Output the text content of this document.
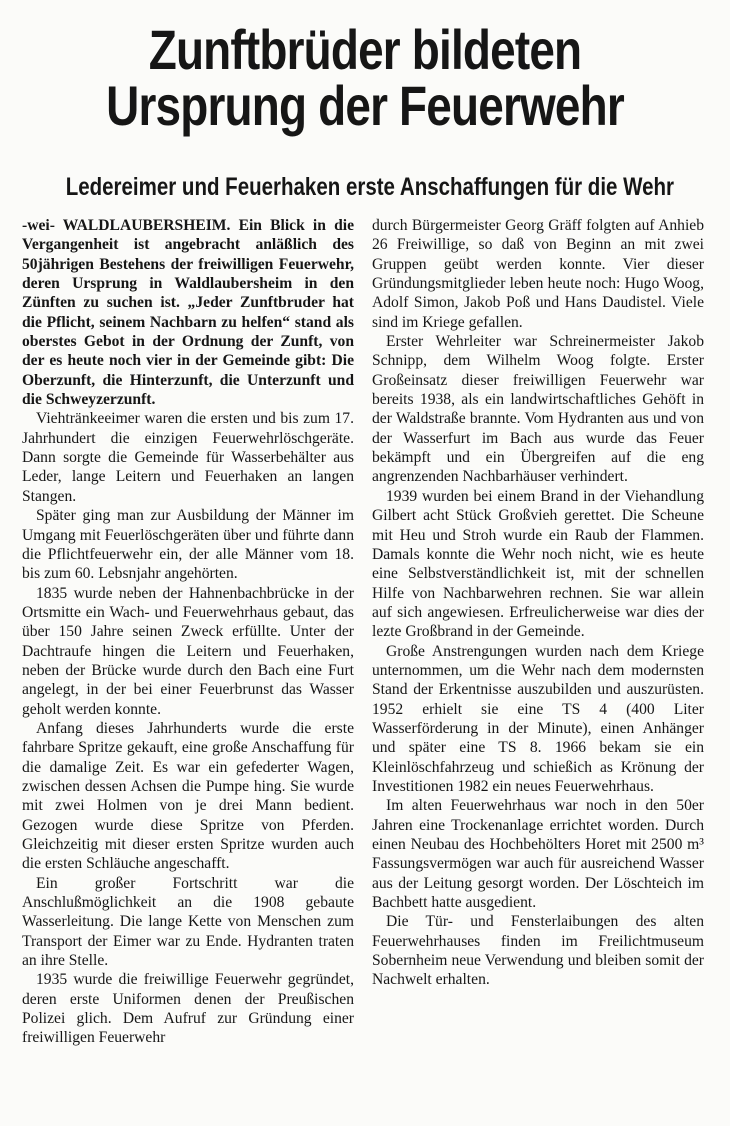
Zunftbrüder bildeten
Ursprung der Feuerwehr
Ledereimer und Feuerhaken erste Anschaffungen für die Wehr

-wei- WALDLAUBERSHEIM. Ein Blick in die Vergangenheit ist angebracht anläßlich des 50jährigen Bestehens der freiwilligen Feuerwehr, deren Ursprung in Waldlaubersheim in den Zünften zu suchen ist. „Jeder Zunftbruder hat die Pflicht, seinem Nachbarn zu helfen“ stand als oberstes Gebot in der Ordnung der Zunft, von der es heute noch vier in der Gemeinde gibt: Die Oberzunft, die Hinterzunft, die Unterzunft und die Schweyzerzunft.

Viehtränkeeimer waren die ersten und bis zum 17. Jahrhundert die einzigen Feuerwehrlöschgeräte. Dann sorgte die Gemeinde für Wasserbehälter aus Leder, lange Leitern und Feuerhaken an langen Stangen.

Später ging man zur Ausbildung der Männer im Umgang mit Feuerlöschgeräten über und führte dann die Pflichtfeuerwehr ein, der alle Männer vom 18. bis zum 60. Lebsnjahr angehörten.

1835 wurde neben der Hahnenbachbrücke in der Ortsmitte ein Wach- und Feuerwehrhaus gebaut, das über 150 Jahre seinen Zweck erfüllte. Unter der Dachtraufe hingen die Leitern und Feuerhaken, neben der Brücke wurde durch den Bach eine Furt angelegt, in der bei einer Feuerbrunst das Wasser geholt werden konnte.

Anfang dieses Jahrhunderts wurde die erste fahrbare Spritze gekauft, eine große Anschaffung für die damalige Zeit. Es war ein gefederter Wagen, zwischen dessen Achsen die Pumpe hing. Sie wurde mit zwei Holmen von je drei Mann bedient. Gezogen wurde diese Spritze von Pferden. Gleichzeitig mit dieser ersten Spritze wurden auch die ersten Schläuche angeschafft.

Ein großer Fortschritt war die Anschlußmöglichkeit an die 1908 gebaute Wasserleitung. Die lange Kette von Menschen zum Transport der Eimer war zu Ende. Hydranten traten an ihre Stelle.

1935 wurde die freiwillige Feuerwehr gegründet, deren erste Uniformen denen der Preußischen Polizei glich. Dem Aufruf zur Gründung einer freiwilligen Feuerwehr

durch Bürgermeister Georg Gräff folgten auf Anhieb 26 Freiwillige, so daß von Beginn an mit zwei Gruppen geübt werden konnte. Vier dieser Gründungsmitglieder leben heute noch: Hugo Woog, Adolf Simon, Jakob Poß und Hans Daudistel. Viele sind im Kriege gefallen.

Erster Wehrleiter war Schreinermeister Jakob Schnipp, dem Wilhelm Woog folgte. Erster Großeinsatz dieser freiwilligen Feuerwehr war bereits 1938, als ein landwirtschaftliches Gehöft in der Waldstraße brannte. Vom Hydranten aus und von der Wasserfurt im Bach aus wurde das Feuer bekämpft und ein Übergreifen auf die eng angrenzenden Nachbarhäuser verhindert.

1939 wurden bei einem Brand in der Viehandlung Gilbert acht Stück Großvieh gerettet. Die Scheune mit Heu und Stroh wurde ein Raub der Flammen. Damals konnte die Wehr noch nicht, wie es heute eine Selbstverständlichkeit ist, mit der schnellen Hilfe von Nachbarwehren rechnen. Sie war allein auf sich angewiesen. Erfreulicherweise war dies der lezte Großbrand in der Gemeinde.

Große Anstrengungen wurden nach dem Kriege unternommen, um die Wehr nach dem modernsten Stand der Erkentnisse auszubilden und auszurüsten. 1952 erhielt sie eine TS 4 (400 Liter Wasserförderung in der Minute), einen Anhänger und später eine TS 8. 1966 bekam sie ein Kleinlöschfahrzeug und schießich as Krönung der Investitionen 1982 ein neues Feuerwehrhaus.

Im alten Feuerwehrhaus war noch in den 50er Jahren eine Trockenanlage errichtet worden. Durch einen Neubau des Hochbehölters Horet mit 2500 m³ Fassungsvermögen war auch für ausreichend Wasser aus der Leitung gesorgt worden. Der Löschteich im Bachbett hatte ausgedient.

Die Tür- und Fensterlaibungen des alten Feuerwehrhauses finden im Freilichtmuseum Sobernheim neue Verwendung und bleiben somit der Nachwelt erhalten.
